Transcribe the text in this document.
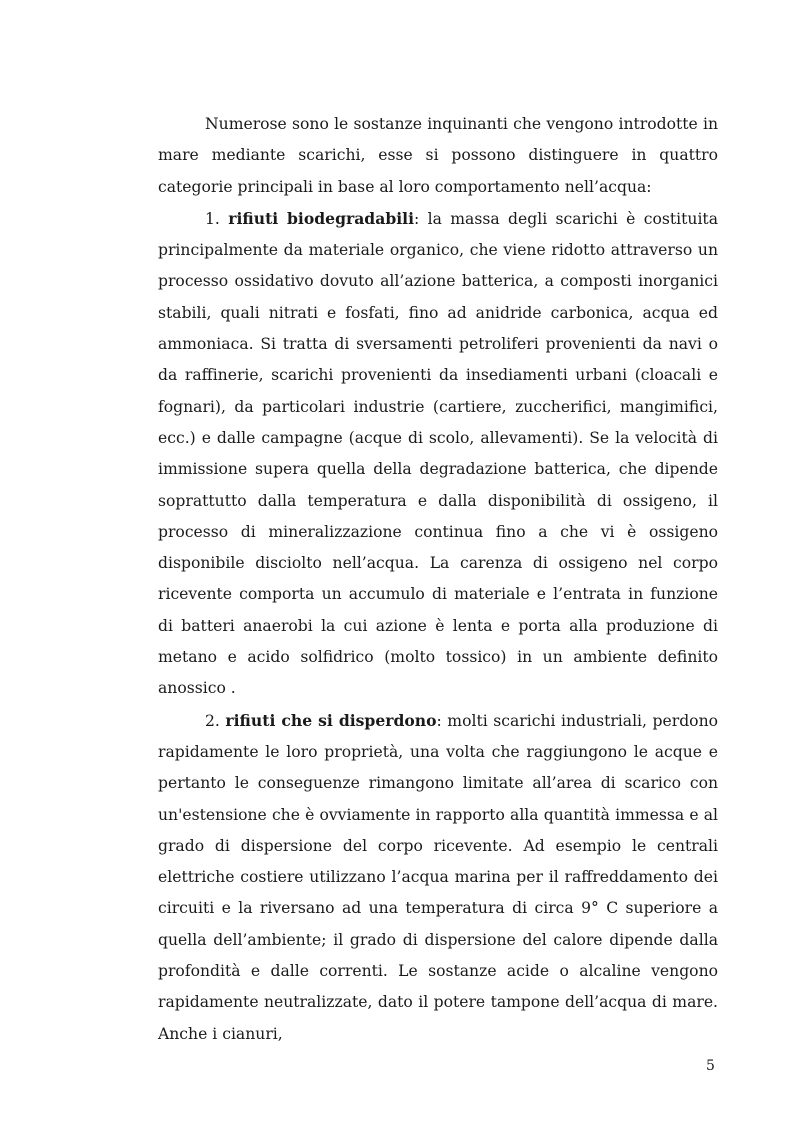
Numerose sono le sostanze inquinanti che vengono introdotte in mare mediante scarichi, esse si possono distinguere in quattro categorie principali in base al loro comportamento nell’acqua:

1. rifiuti biodegradabili: la massa degli scarichi è costituita principalmente da materiale organico, che viene ridotto attraverso un processo ossidativo dovuto all’azione batterica, a composti inorganici stabili, quali nitrati e fosfati, fino ad anidride carbonica, acqua ed ammoniaca. Si tratta di sversamenti petroliferi provenienti da navi o da raffinerie, scarichi provenienti da insediamenti urbani (cloacali e fognari), da particolari industrie (cartiere, zuccherifici, mangimifici, ecc.) e dalle campagne (acque di scolo, allevamenti). Se la velocità di immissione supera quella della degradazione batterica, che dipende soprattutto dalla temperatura e dalla disponibilità di ossigeno, il processo di mineralizzazione continua fino a che vi è ossigeno disponibile disciolto nell’acqua. La carenza di ossigeno nel corpo ricevente comporta un accumulo di materiale e l’entrata in funzione di batteri anaerobi la cui azione è lenta e porta alla produzione di metano e acido solfidrico (molto tossico) in un ambiente definito anossico .

2. rifiuti che si disperdono: molti scarichi industriali, perdono rapidamente le loro proprietà, una volta che raggiungono le acque e pertanto le conseguenze rimangono limitate all’area di scarico con un'estensione che è ovviamente in rapporto alla quantità immessa e al grado di dispersione del corpo ricevente. Ad esempio le centrali elettriche costiere utilizzano l’acqua marina per il raffreddamento dei circuiti e la riversano ad una temperatura di circa 9° C superiore a quella dell’ambiente; il grado di dispersione del calore dipende dalla profondità e dalle correnti. Le sostanze acide o alcaline vengono rapidamente neutralizzate, dato il potere tampone dell’acqua di mare. Anche i cianuri,

5
